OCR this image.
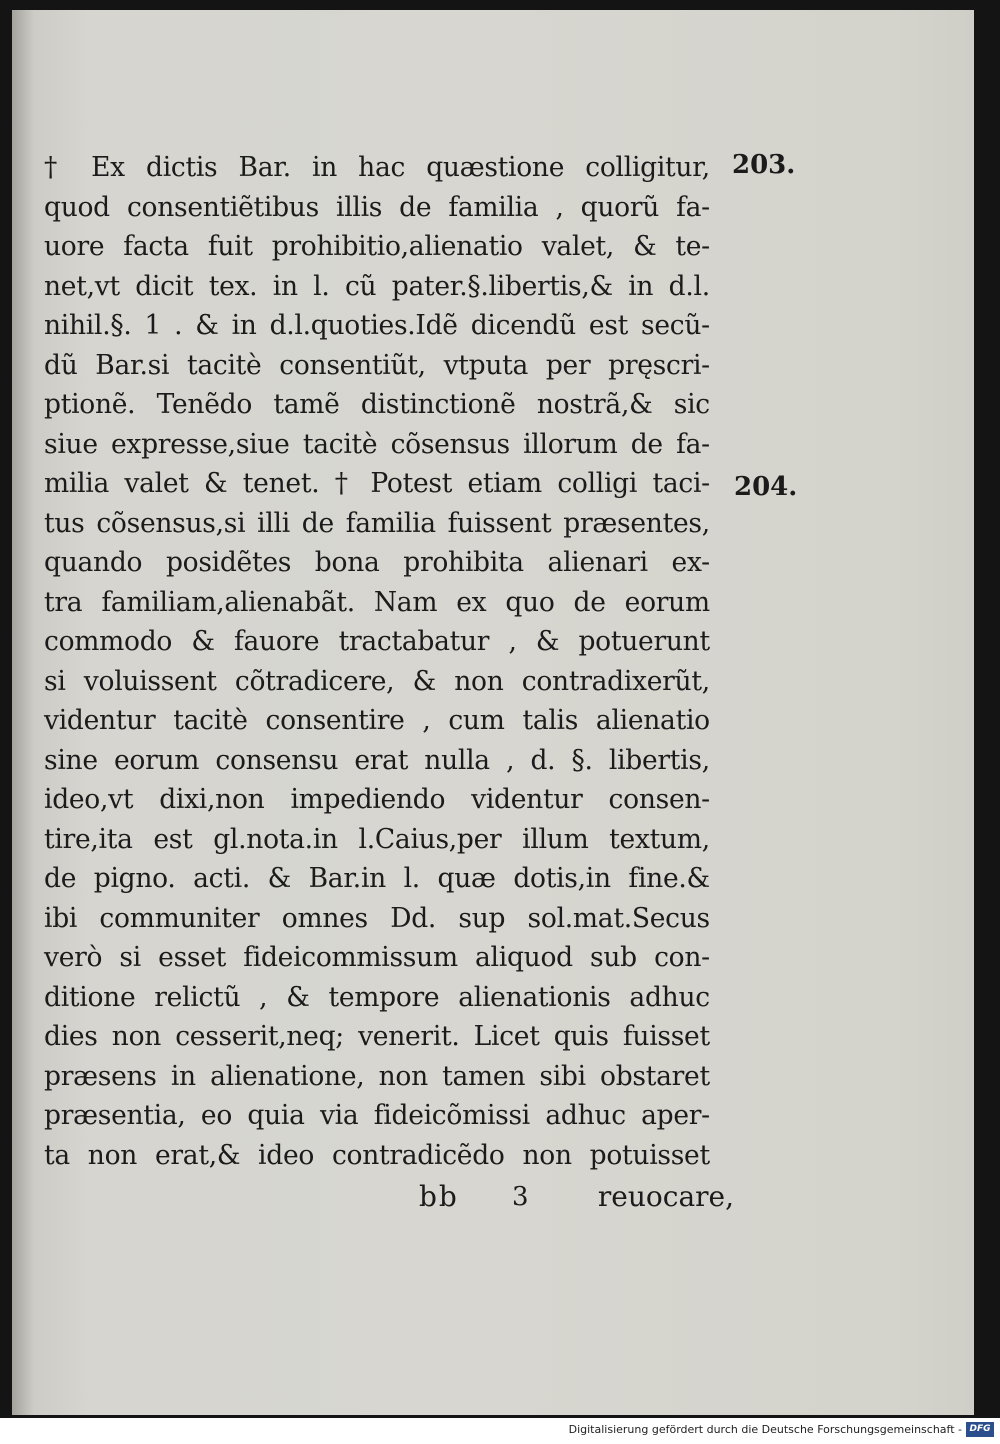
† Ex dictis Bar. in hac quæstione colligitur,
quod consentiẽtibus illis de familia , quorũ fa-
uore facta fuit prohibitio,alienatio valet, & te-
net,vt dicit tex. in l. cũ pater.§.libertis,& in d.l.
nihil.§. 1 . & in d.l.quoties.Idẽ dicendũ est secũ-
dũ Bar.si tacitè consentiũt, vtputa per pręscri-
ptionẽ. Tenẽdo tamẽ distinctionẽ nostrã,& sic
siue expresse,siue tacitè cõsensus illorum de fa-
milia valet & tenet. † Potest etiam colligi taci-
tus cõsensus,si illi de familia fuissent præsentes,
quando posidẽtes bona prohibita alienari ex-
tra familiam,alienabãt. Nam ex quo de eorum
commodo & fauore tractabatur , & potuerunt
si voluissent cõtradicere, & non contradixerũt,
videntur tacitè consentire , cum talis alienatio
sine eorum consensu erat nulla , d. §. libertis,
ideo,vt dixi,non impediendo videntur consen-
tire,ita est gl.nota.in l.Caius,per illum textum,
de pigno. acti. & Bar.in l. quæ dotis,in fine.&
ibi communiter omnes Dd. sup sol.mat.Secus
verò si esset fideicommissum aliquod sub con-
ditione relictũ , & tempore alienationis adhuc
dies non cesserit,neq; venerit. Licet quis fuisset
præsens in alienatione, non tamen sibi obstaret
præsentia, eo quia via fideicõmissi adhuc aper-
ta non erat,& ideo contradicẽdo non potuisset
203.
204.
bb 3 reuocare,
Digitalisierung gefördert durch die Deutsche Forschungsgemeinschaft - DFG
